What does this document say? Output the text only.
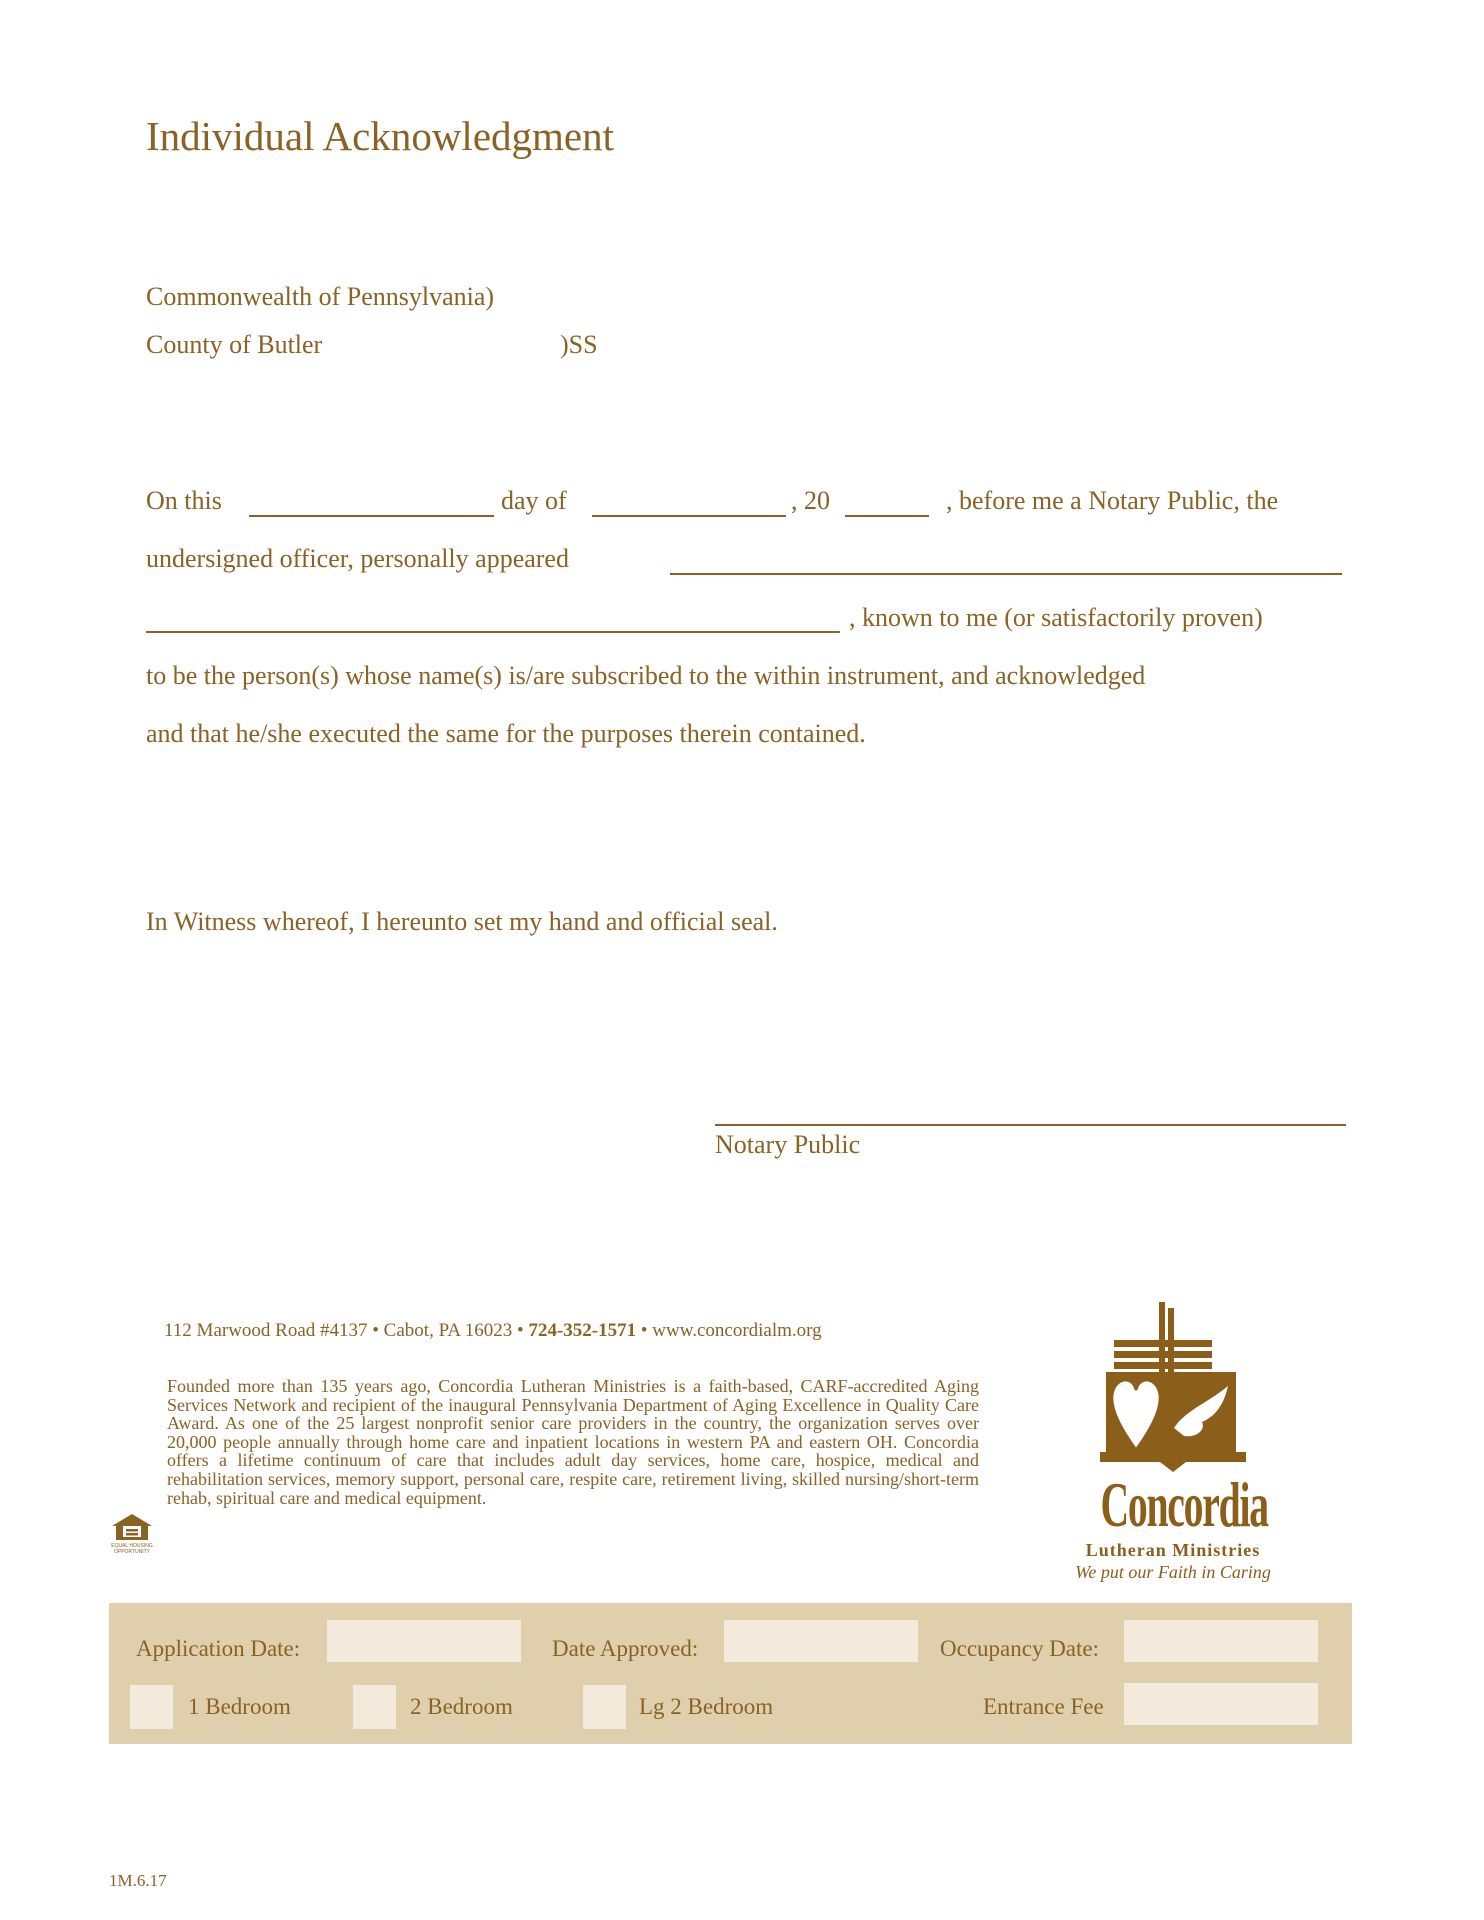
Individual Acknowledgment
Commonwealth of Pennsylvania)
County of Butler	)SS
On this	day of	, 20	, before me a Notary Public, the
undersigned officer, personally appeared
, known to me (or satisfactorily proven)
to be the person(s) whose name(s) is/are subscribed to the within instrument, and acknowledged
and that he/she executed the same for the purposes therein contained.
In Witness whereof, I hereunto set my hand and official seal.
Notary Public
112 Marwood Road #4137 • Cabot, PA 16023 • 724-352-1571 • www.concordialm.org
Founded more than 135 years ago, Concordia Lutheran Ministries is a faith-based, CARF-accredited Aging Services Network and recipient of the inaugural Pennsylvania Department of Aging Excellence in Quality Care Award. As one of the 25 largest nonprofit senior care providers in the country, the organization serves over 20,000 people annually through home care and inpatient locations in western PA and eastern OH. Concordia offers a lifetime continuum of care that includes adult day services, home care, hospice, medical and rehabilitation services, memory support, personal care, respite care, retirement living, skilled nursing/short-term rehab, spiritual care and medical equipment.
EQUAL HOUSING
OPPORTUNITY
Concordia
Lutheran Ministries
We put our Faith in Caring
Application Date:	Date Approved:	Occupancy Date:
1 Bedroom	2 Bedroom	Lg 2 Bedroom	Entrance Fee
1M.6.17
